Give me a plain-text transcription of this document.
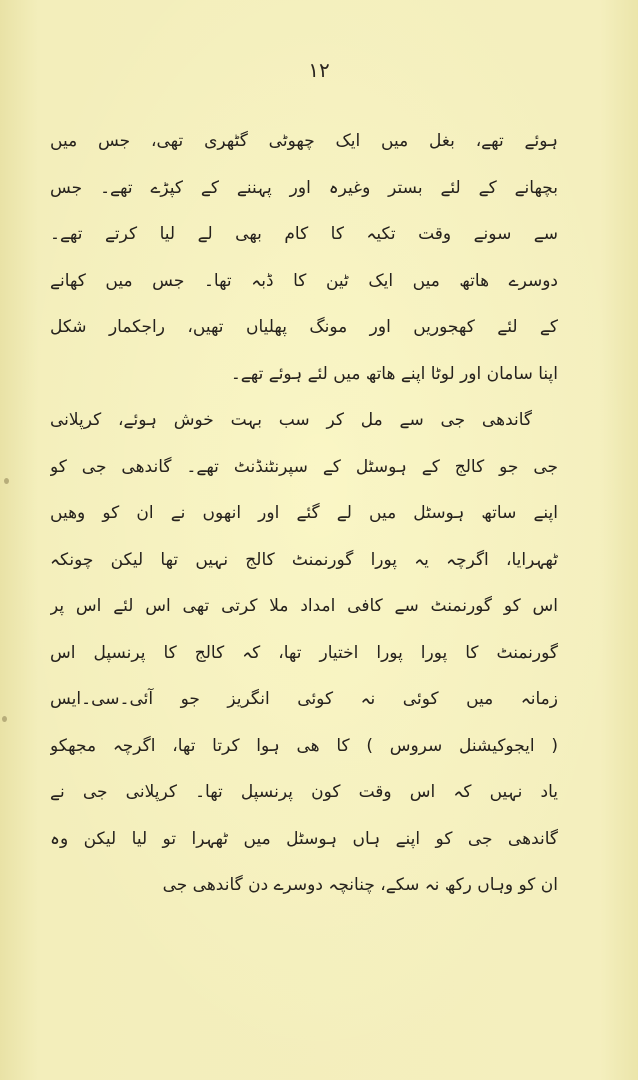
۱۲
ہوئے تھے، بغل میں ایک چھوٹی گٹھری تھی، جس میں
بچھانے کے لئے بستر وغیرہ اور پہننے کے کپڑے تھے۔ جس
سے سونے وقت تکیہ کا کام بھی لے لیا کرتے تھے۔
دوسرے ھاتھ میں ایک ٹین کا ڈبہ تھا۔ جس میں کھانے
کے لئے کھجوریں اور مونگ پھلیاں تھیں، راجکمار شکل
اپنا سامان اور لوٹا اپنے ھاتھ میں لئے ہوئے تھے۔
گاندھی جی سے مل کر سب بہت خوش ہوئے، کرپلانی
جی جو کالج کے ہوسٹل کے سپرنٹنڈنٹ تھے۔ گاندھی جی کو
اپنے ساتھ ہوسٹل میں لے گئے اور انھوں نے ان کو وھیں
ٹھہرایا، اگرچہ یہ پورا گورنمنٹ کالج نہیں تھا لیکن چونکہ
اس کو گورنمنٹ سے کافی امداد ملا کرتی تھی اس لئے اس پر
گورنمنٹ کا پورا پورا اختیار تھا، کہ کالج کا پرنسپل اس
زمانہ میں کوئی نہ کوئی انگریز جو آئی۔سی۔ایس
( ایجوکیشنل سروس ) کا ھی ہوا کرتا تھا، اگرچہ مجھکو
یاد نہیں کہ اس وقت کون پرنسپل تھا۔ کرپلانی جی نے
گاندھی جی کو اپنے ہاں ہوسٹل میں ٹھہرا تو لیا لیکن وہ
ان کو وہاں رکھ نہ سکے، چنانچہ دوسرے دن گاندھی جی
